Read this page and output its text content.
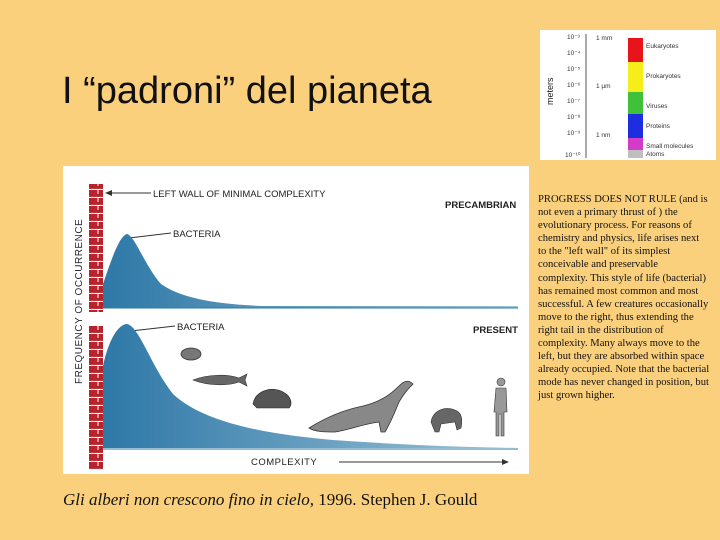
I “padroni” del pianeta	meters
10⁻³
10⁻⁴
10⁻⁵
10⁻⁶
10⁻⁷
10⁻⁸
10⁻⁹
10⁻¹⁰
1 mm
1 µm
1 nm
Eukaryotes
Prokaryotes
Viruses
Proteins
Small molecules
Atoms
FREQUENCY OF OCCURRENCE
LEFT WALL OF MINIMAL COMPLEXITY
PRECAMBRIAN
BACTERIA
BACTERIA	PRESENT
COMPLEXITY
PROGRESS DOES NOT RULE (and is not even a primary thrust of ) the evolutionary process. For reasons of chemistry and physics, life arises next to the "left wall" of its simplest conceivable and preservable complexity. This style of life (bacterial) has remained most common and most successful. A few creatures occasionally move to the right, thus extending the right tail in the distribution of complexity. Many always move to the left, but they are absorbed within space already occupied. Note that the bacterial mode has never changed in position, but just grown higher.
Gli alberi non crescono fino in cielo, 1996. Stephen J. Gould
